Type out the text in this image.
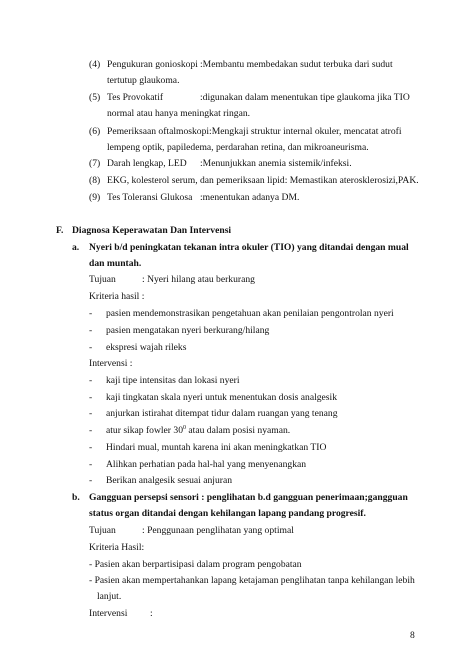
(4) Pengukuran gonioskopi :Membantu membedakan sudut terbuka dari sudut
tertutup glaukoma.
(5) Tes Provokatif	:digunakan dalam menentukan tipe glaukoma jika TIO
normal atau hanya meningkat ringan.
(6) Pemeriksaan oftalmoskopi:Mengkaji struktur internal okuler, mencatat atrofi
lempeng optik, papiledema, perdarahan retina, dan mikroaneurisma.
(7) Darah lengkap, LED :Menunjukkan anemia sistemik/infeksi.
(8) EKG, kolesterol serum, dan pemeriksaan lipid: Memastikan aterosklerosizi,PAK.
(9) Tes Toleransi Glukosa :menentukan adanya DM.
F. Diagnosa Keperawatan Dan Intervensi
a. Nyeri b/d peningkatan tekanan intra okuler (TIO) yang ditandai dengan mual
dan muntah.
Tujuan	: Nyeri hilang atau berkurang
Kriteria hasil :
- pasien mendemonstrasikan pengetahuan akan penilaian pengontrolan nyeri
- pasien mengatakan nyeri berkurang/hilang
- ekspresi wajah rileks
Intervensi :
- kaji tipe intensitas dan lokasi nyeri
- kaji tingkatan skala nyeri untuk menentukan dosis analgesik
- anjurkan istirahat ditempat tidur dalam ruangan yang tenang
- atur sikap fowler $30^0$ atau dalam posisi nyaman.
- Hindari mual, muntah karena ini akan meningkatkan TIO
- Alihkan perhatian pada hal-hal yang menyenangkan
- Berikan analgesik sesuai anjuran
b. Gangguan persepsi sensori : penglihatan b.d gangguan penerimaan;gangguan
status organ ditandai dengan kehilangan lapang pandang progresif.
Tujuan	: Penggunaan penglihatan yang optimal
Kriteria Hasil:
- Pasien akan berpartisipasi dalam program pengobatan
- Pasien akan mempertahankan lapang ketajaman penglihatan tanpa kehilangan lebih
lanjut.
Intervensi :
8
